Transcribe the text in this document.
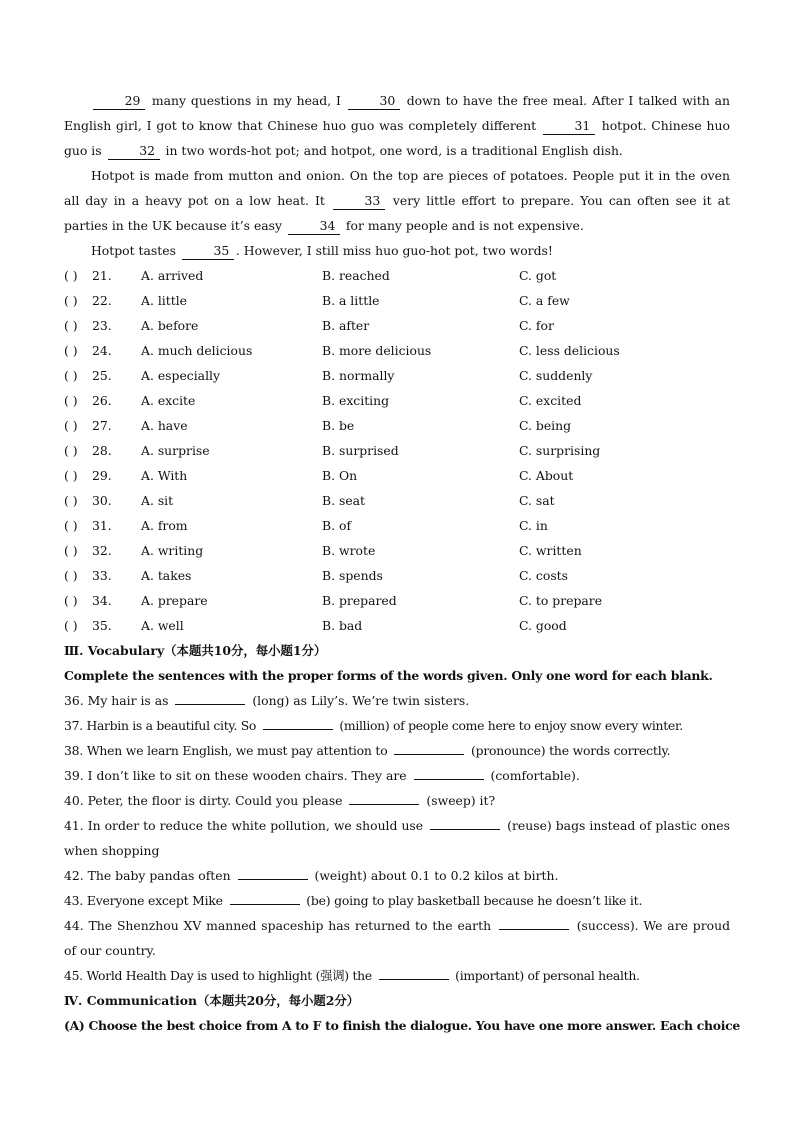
29 many questions in my head, I	30 down to have the free meal. After I talked with an English girl, I got to know that Chinese huo guo was completely different	31 hotpot. Chinese huo guo is	32 in two words-hot pot; and hotpot, one word, is a traditional English dish.

Hotpot is made from mutton and onion. On the top are pieces of potatoes. People put it in the oven all day in a heavy pot on a low heat. It	33 very little effort to prepare. You can often see it at parties in the UK because it’s easy	34 for many people and is not expensive.

Hotpot tastes	35 . However, I still miss huo guo-hot pot, two words!

( ) 21. A. arrived	B. reached	C. got
( ) 22. A. little	B. a little	C. a few
( ) 23. A. before	B. after	C. for
( ) 24. A. much delicious	B. more delicious	C. less delicious
( ) 25. A. especially	B. normally	C. suddenly
( ) 26. A. excite	B. exciting	C. excited
( ) 27. A. have	B. be	C. being
( ) 28. A. surprise	B. surprised	C. surprising
( ) 29. A. With	B. On	C. About
( ) 30. A. sit	B. seat	C. sat
( ) 31. A. from	B. of	C. in
( ) 32. A. writing	B. wrote	C. written
( ) 33. A. takes	B. spends	C. costs
( ) 34. A. prepare	B. prepared	C. to prepare
( ) 35. A. well	B. bad	C. good
Ⅲ. Vocabulary（本题共10分，每小题1分）
Complete the sentences with the proper forms of the words given. Only one word for each blank.
36. My hair is as	(long) as Lily’s. We’re twin sisters.
37. Harbin is a beautiful city. So	(million) of people come here to enjoy snow every winter.
38. When we learn English, we must pay attention to	(pronounce) the words correctly.
39. I don’t like to sit on these wooden chairs. They are	(comfortable).
40. Peter, the floor is dirty. Could you please	(sweep) it?
41. In order to reduce the white pollution, we should use	(reuse) bags instead of plastic ones when shopping
42. The baby pandas often	(weight) about 0.1 to 0.2 kilos at birth.
43. Everyone except Mike	(be) going to play basketball because he doesn’t like it.
44. The Shenzhou XV manned spaceship has returned to the earth	(success). We are proud of our country.
45. World Health Day is used to highlight (强调) the	(important) of personal health.
Ⅳ. Communication（本题共20分，每小题2分）
(A) Choose the best choice from A to F to finish the dialogue. You have one more answer. Each choice
